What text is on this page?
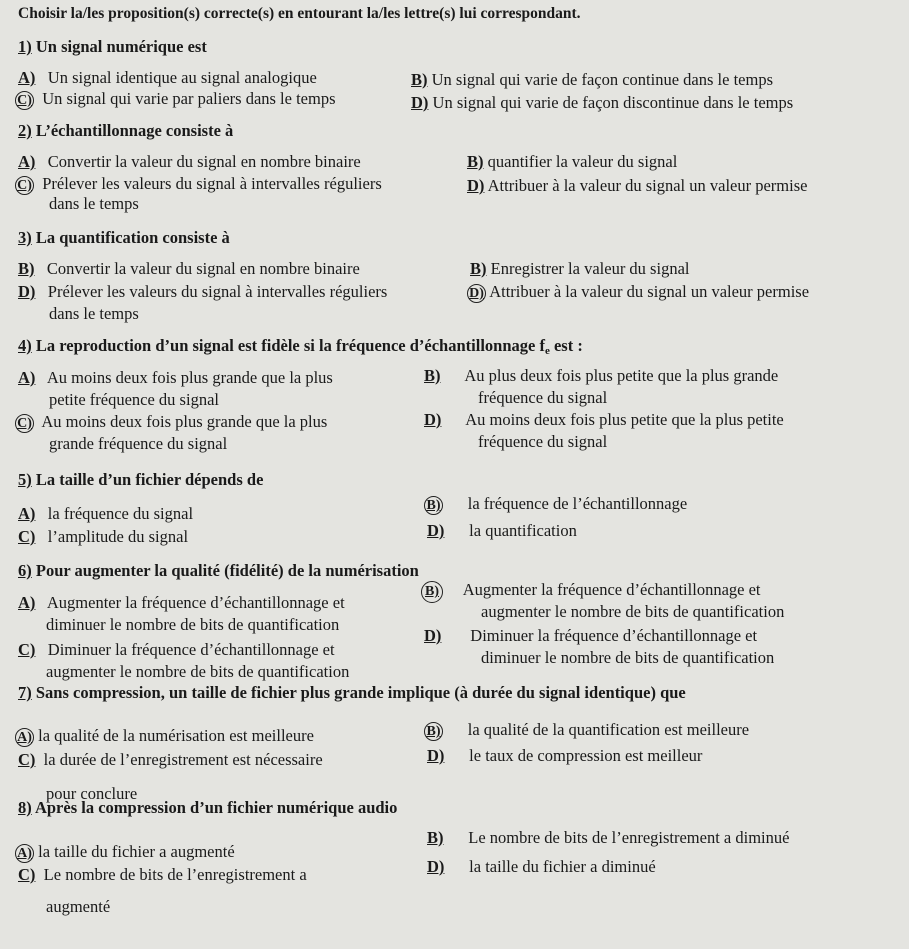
Choisir la/les proposition(s) correcte(s) en entourant la/les lettre(s) lui correspondant.
1) Un signal numérique est
A) Un signal identique au signal analogique	B) Un signal qui varie de façon continue dans le temps
C) Un signal qui varie par paliers dans le temps	D) Un signal qui varie de façon discontinue dans le temps
2) L’échantillonnage consiste à
A) Convertir la valeur du signal en nombre binaire	B) quantifier la valeur du signal
C) Prélever les valeurs du signal à intervalles réguliers
dans le temps
D) Attribuer à la valeur du signal un valeur permise
3) La quantification consiste à
B) Convertir la valeur du signal en nombre binaire	B) Enregistrer la valeur du signal
D) Prélever les valeurs du signal à intervalles réguliers
dans le temps
D) Attribuer à la valeur du signal un valeur permise
4) La reproduction d’un signal est fidèle si la fréquence d’échantillonnage $f_e$ est :
A) Au moins deux fois plus grande que la plus
petite fréquence du signal
B) Au plus deux fois plus petite que la plus grande
fréquence du signal
C) Au moins deux fois plus grande que la plus
grande fréquence du signal
D) Au moins deux fois plus petite que la plus petite
fréquence du signal
5) La taille d’un fichier dépends de
A) la fréquence du signal	B) la fréquence de l’échantillonnage
C) l’amplitude du signal	D) la quantification
6) Pour augmenter la qualité (fidélité) de la numérisation
A) Augmenter la fréquence d’échantillonnage et
diminuer le nombre de bits de quantification
B) Augmenter la fréquence d’échantillonnage et
augmenter le nombre de bits de quantification
C) Diminuer la fréquence d’échantillonnage et
augmenter le nombre de bits de quantification
D) Diminuer la fréquence d’échantillonnage et
diminuer le nombre de bits de quantification
7) Sans compression, un taille de fichier plus grande implique (à durée du signal identique) que
A) la qualité de la numérisation est meilleure	B) la qualité de la quantification est meilleure
C) la durée de l’enregistrement est nécessaire
pour conclure
D) le taux de compression est meilleur
8) Après la compression d’un fichier numérique audio
A) la taille du fichier a augmenté
B) Le nombre de bits de l’enregistrement a diminué
C) Le nombre de bits de l’enregistrement a
augmenté
D) la taille du fichier a diminué
